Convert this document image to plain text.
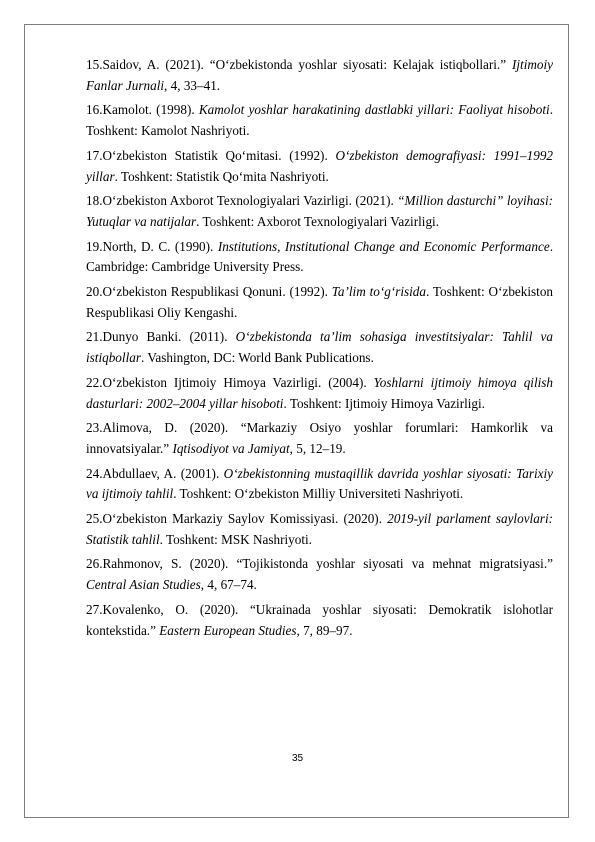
15.Saidov, A. (2021). “O‘zbekistonda yoshlar siyosati: Kelajak istiqbollari.” Ijtimoiy Fanlar Jurnali, 4, 33–41.
16.Kamolot. (1998). Kamolot yoshlar harakatining dastlabki yillari: Faoliyat hisoboti. Toshkent: Kamolot Nashriyoti.
17.O‘zbekiston Statistik Qo‘mitasi. (1992). O‘zbekiston demografiyasi: 1991–1992 yillar. Toshkent: Statistik Qo‘mita Nashriyoti.
18.O‘zbekiston Axborot Texnologiyalari Vazirligi. (2021). “Million dasturchi” loyihasi: Yutuqlar va natijalar. Toshkent: Axborot Texnologiyalari Vazirligi.
19.North, D. C. (1990). Institutions, Institutional Change and Economic Performance. Cambridge: Cambridge University Press.
20.O‘zbekiston Respublikasi Qonuni. (1992). Ta’lim to‘g‘risida. Toshkent: O‘zbekiston Respublikasi Oliy Kengashi.
21.Dunyo Banki. (2011). O‘zbekistonda ta’lim sohasiga investitsiyalar: Tahlil va istiqbollar. Vashington, DC: World Bank Publications.
22.O‘zbekiston Ijtimoiy Himoya Vazirligi. (2004). Yoshlarni ijtimoiy himoya qilish dasturlari: 2002–2004 yillar hisoboti. Toshkent: Ijtimoiy Himoya Vazirligi.
23.Alimova, D. (2020). “Markaziy Osiyo yoshlar forumlari: Hamkorlik va innovatsiyalar.” Iqtisodiyot va Jamiyat, 5, 12–19.
24.Abdullaev, A. (2001). O‘zbekistonning mustaqillik davrida yoshlar siyosati: Tarixiy va ijtimoiy tahlil. Toshkent: O‘zbekiston Milliy Universiteti Nashriyoti.
25.O‘zbekiston Markaziy Saylov Komissiyasi. (2020). 2019-yil parlament saylovlari: Statistik tahlil. Toshkent: MSK Nashriyoti.
26.Rahmonov, S. (2020). “Tojikistonda yoshlar siyosati va mehnat migratsiyasi.” Central Asian Studies, 4, 67–74.
27.Kovalenko, O. (2020). “Ukrainada yoshlar siyosati: Demokratik islohotlar kontekstida.” Eastern European Studies, 7, 89–97.
35
